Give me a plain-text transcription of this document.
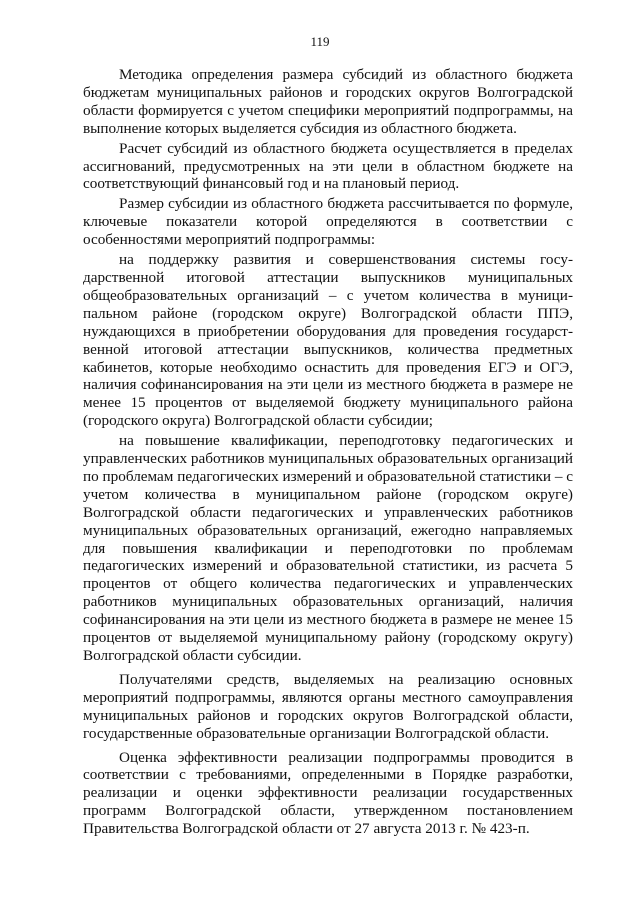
119

Методика определения размера субсидий из областного бюджета бюджетам муниципальных районов и городских округов Волгоградской области формируется с учетом специфики мероприятий подпрограммы, на выполнение которых выделяется субсидия из областного бюджета.

Расчет субсидий из областного бюджета осуществляется в пределах ассигнований, предусмотренных на эти цели в областном бюджете на соответствующий финансовый год и на плановый период.

Размер субсидии из областного бюджета рассчитывается по формуле, ключевые показатели которой определяются в соответствии с особенностями мероприятий подпрограммы:

на поддержку развития и совершенствования системы государственной итоговой аттестации выпускников муниципальных общеобразовательных организаций – с учетом количества в муниципальном районе (городском округе) Волгоградской области ППЭ, нуждающихся в приобретении оборудования для проведения государственной итоговой аттестации выпускников, количества предметных кабинетов, которые необходимо оснастить для проведения ЕГЭ и ОГЭ, наличия софинансирования на эти цели из местного бюджета в размере не менее 15 процентов от выделяемой бюджету муниципального района (городского округа) Волгоградской области субсидии;

на повышение квалификации, переподготовку педагогических и управленческих работников муниципальных образовательных организаций по проблемам педагогических измерений и образовательной статистики – с учетом количества в муниципальном районе (городском округе) Волгоградской области педагогических и управленческих работников муниципальных образовательных организаций, ежегодно направляемых для повышения квалификации и переподготовки по проблемам педагогических измерений и образовательной статистики, из расчета 5 процентов от общего количества педагогических и управленческих работников муниципальных образовательных организаций, наличия софинансирования на эти цели из местного бюджета в размере не менее 15 процентов от выделяемой муниципальному району (городскому округу) Волгоградской области субсидии.

Получателями средств, выделяемых на реализацию основных мероприятий подпрограммы, являются органы местного самоуправления муниципальных районов и городских округов Волгоградской области, государственные образовательные организации Волгоградской области.

Оценка эффективности реализации подпрограммы проводится в соответствии с требованиями, определенными в Порядке разработки, реализации и оценки эффективности реализации государственных программ Волгоградской области, утвержденном постановлением Правительства Волгоградской области от 27 августа 2013 г. № 423-п.
